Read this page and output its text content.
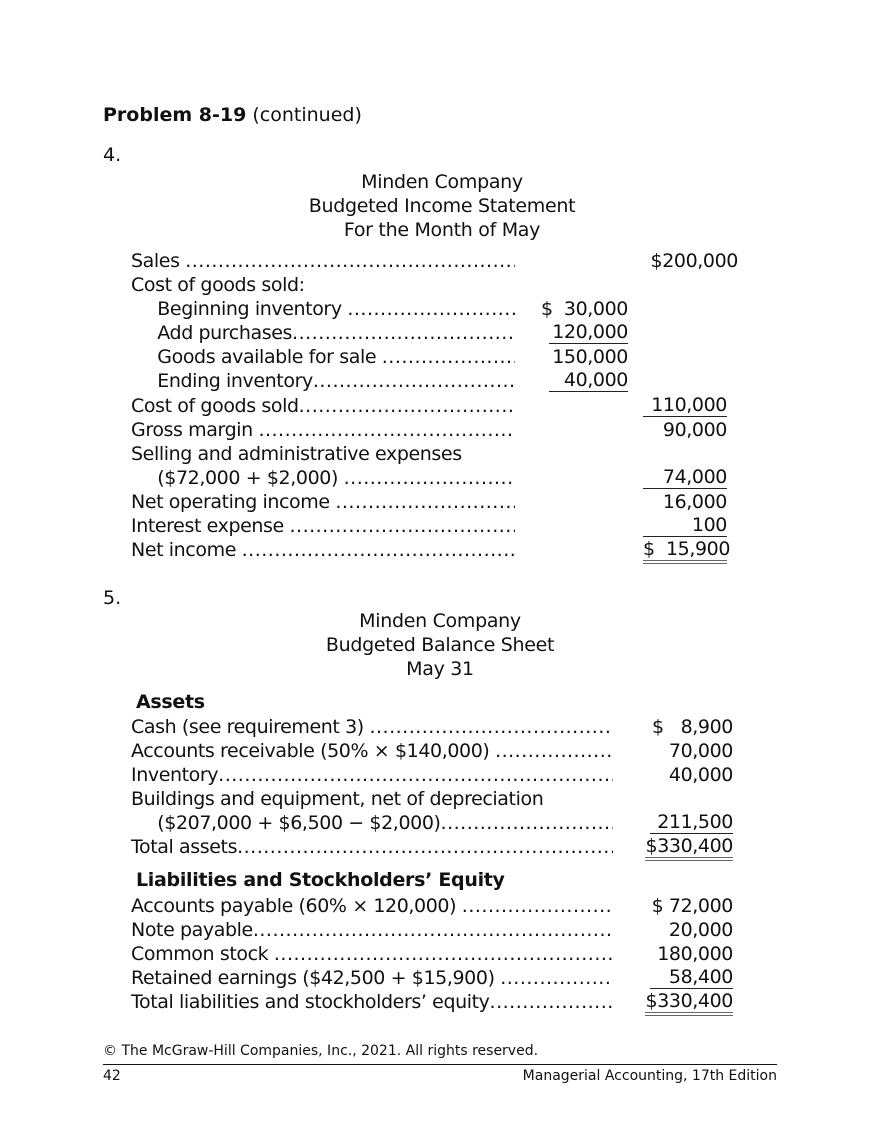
Problem 8-19 (continued)
4.
Minden Company
Budgeted Income Statement
For the Month of May
Sales .....	$200,000
Cost of goods sold:
Beginning inventory .....	$  30,000
Add purchases .....	120,000
Goods available for sale .....	150,000
Ending inventory .....	40,000
Cost of goods sold .....	110,000
Gross margin .....	90,000
Selling and administrative expenses
($72,000 + $2,000) .....	74,000
Net operating income .....	16,000
Interest expense .....	100
Net income .....	$  15,900
5.
Minden Company
Budgeted Balance Sheet
May 31
Assets
Cash (see requirement 3) .....	$   8,900
Accounts receivable (50% × $140,000) .....	70,000
Inventory .....	40,000
Buildings and equipment, net of depreciation
($207,000 + $6,500 − $2,000) .....	211,500
Total assets .....	$330,400
Liabilities and Stockholders’ Equity
Accounts payable (60% × 120,000) .....	$ 72,000
Note payable .....	20,000
Common stock .....	180,000
Retained earnings ($42,500 + $15,900) .....	58,400
Total liabilities and stockholders’ equity .....	$330,400
© The McGraw-Hill Companies, Inc., 2021. All rights reserved.
42	Managerial Accounting, 17th Edition
